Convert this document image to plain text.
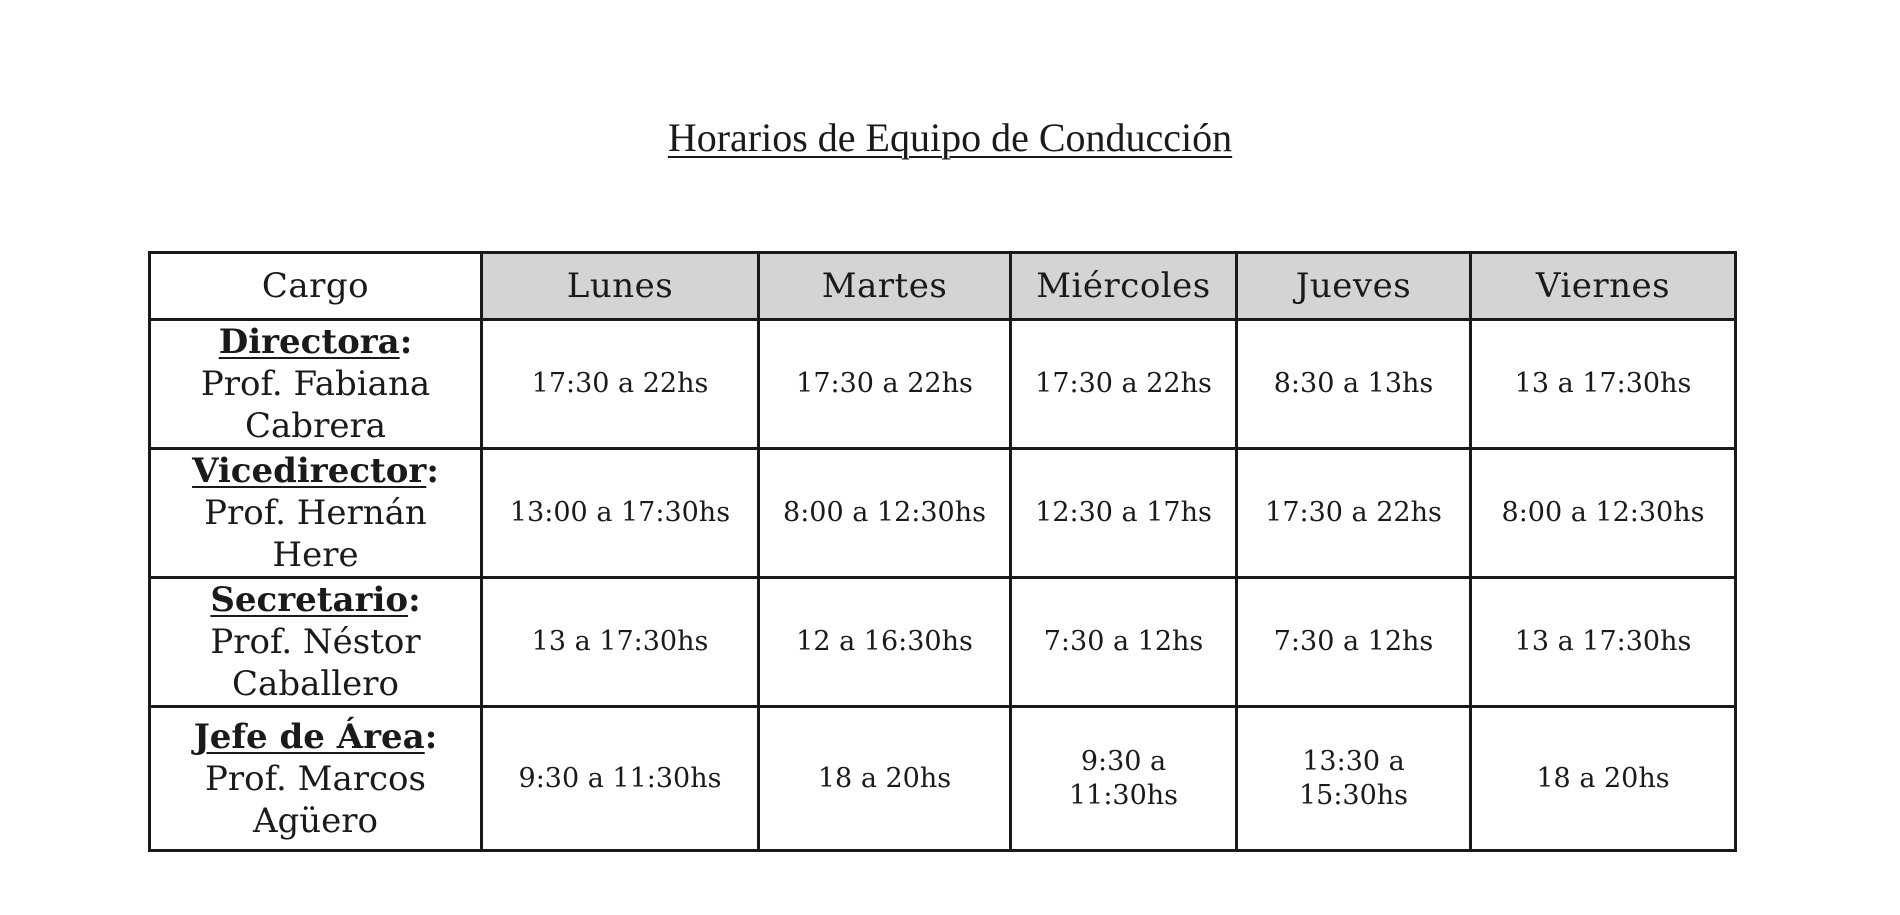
Horarios de Equipo de Conducción
Cargo	Lunes	Martes	Miércoles	Jueves	Viernes
Directora:
Prof. Fabiana
Cabrera	17:30 a 22hs	17:30 a 22hs	17:30 a 22hs	8:30 a 13hs	13 a 17:30hs
Vicedirector:
Prof. Hernán
Here	13:00 a 17:30hs	8:00 a 12:30hs	12:30 a 17hs	17:30 a 22hs	8:00 a 12:30hs
Secretario:
Prof. Néstor
Caballero	13 a 17:30hs	12 a 16:30hs	7:30 a 12hs	7:30 a 12hs	13 a 17:30hs
Jefe de Área:
Prof. Marcos
Agüero	9:30 a 11:30hs	18 a 20hs	9:30 a 11:30hs	13:30 a 15:30hs	18 a 20hs
